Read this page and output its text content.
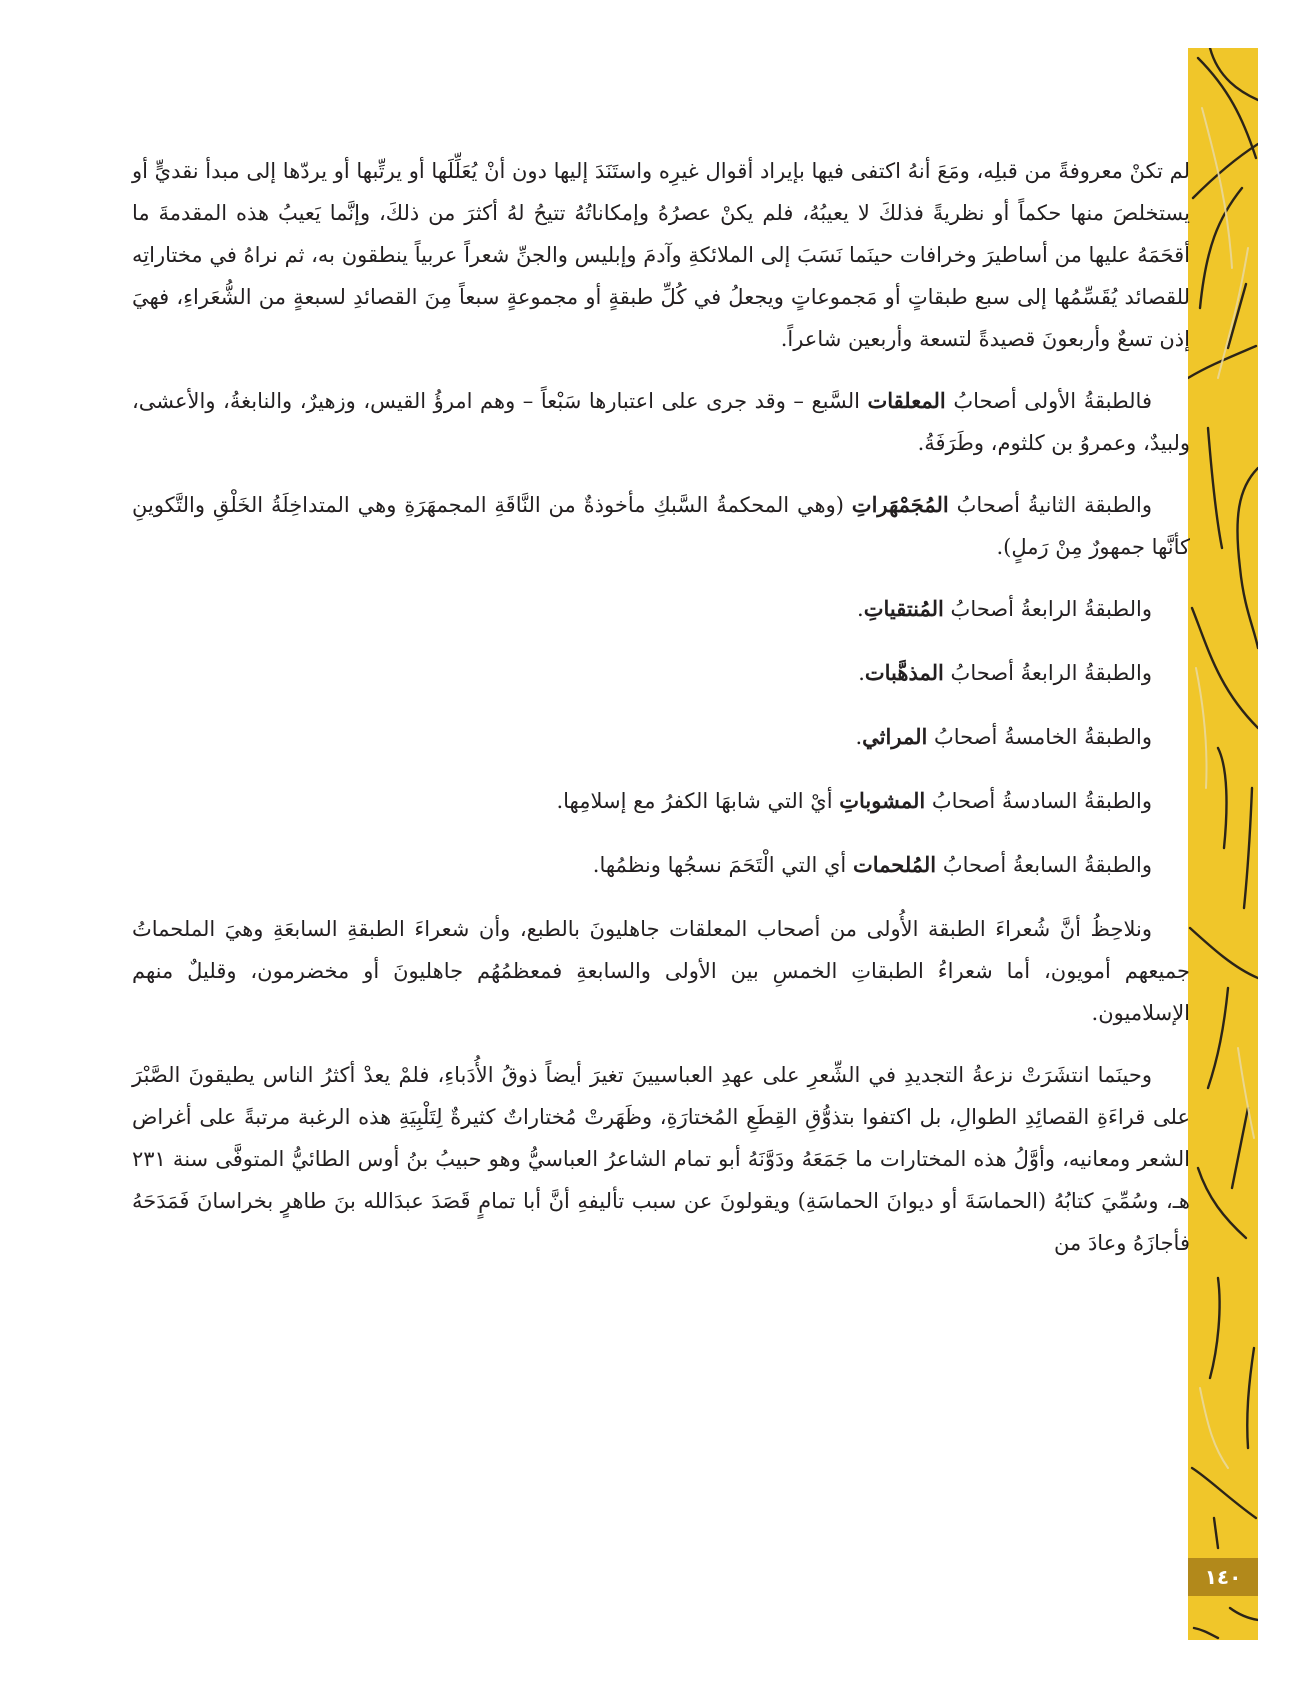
١٤٠

لم تكنْ معروفةً من قبلِه، ومَعَ أنهُ اكتفى فيها بإيراد أقوال غيرِه واستَنَدَ إليها دون أنْ يُعَلِّلَها أو يرتِّبها أو يردّها إلى مبدأ نقديٍّ أو يستخلصَ منها حكماً أو نظريةً فذلكَ لا يعيبُهُ، فلم يكنْ عصرُهُ وإمكاناتُهُ تتيحُ لهُ أكثرَ من ذلكَ، وإنَّما يَعيبُ هذه المقدمةَ ما أقحَمَهُ عليها من أساطيرَ وخرافات حينَما نَسَبَ إلى الملائكةِ وآدمَ وإبليس والجنِّ شعراً عربياً ينطقون به، ثم نراهُ في مختاراتِه للقصائد يُقَسِّمُها إلى سبع طبقاتٍ أو مَجموعاتٍ ويجعلُ في كُلِّ طبقةٍ أو مجموعةٍ سبعاً مِنَ القصائدِ لسبعةٍ من الشُّعَراءِ، فهيَ إذن تسعٌ وأربعونَ قصيدةً لتسعة وأربعين شاعراً.

فالطبقةُ الأولى أصحابُ المعلقات السَّبع – وقد جرى على اعتبارها سَبْعاً – وهم امرؤُ القيس، وزهيرٌ، والنابغةُ، والأعشى، ولبيدٌ، وعمروُ بن كلثوم، وطَرَفَةُ.

والطبقة الثانيةُ أصحابُ المُجَمْهَراتِ (وهي المحكمةُ السَّبكِ مأخوذةٌ من النَّاقَةِ المجمهَرَةِ وهي المتداخِلَةُ الخَلْقِ والتَّكوينِ كأنَّها جمهورٌ مِنْ رَملٍ).

والطبقةُ الرابعةُ أصحابُ المُنتقياتِ.

والطبقةُ الرابعةُ أصحابُ المذهَّبات.

والطبقةُ الخامسةُ أصحابُ المراثي.

والطبقةُ السادسةُ أصحابُ المشوباتِ أيْ التي شابهَا الكفرُ مع إسلامِها.

والطبقةُ السابعةُ أصحابُ المُلحمات أي التي الْتَحَمَ نسجُها ونظمُها.

ونلاحِظُ أنَّ شُعراءَ الطبقة الأُولى من أصحاب المعلقات جاهليونَ بالطبع، وأن شعراءَ الطبقةِ السابعَةِ وهيَ الملحماتُ جميعهم أمويون، أما شعراءُ الطبقاتِ الخمسِ بين الأولى والسابعةِ فمعظمُهُم جاهليونَ أو مخضرمون، وقليلٌ منهم الإسلاميون.

وحينَما انتشَرَتْ نزعةُ التجديدِ في الشِّعرِ على عهدِ العباسيينَ تغيرَ أيضاً ذوقُ الأُدَباءِ، فلمْ يعدْ أكثرُ الناس يطيقونَ الصَّبْرَ على قراءَةِ القصائِدِ الطوالِ، بل اكتفوا بتذوُّقِ القِطَعِ المُختارَةِ، وظَهَرتْ مُختاراتٌ كثيرةٌ لِتَلْبِيَةِ هذه الرغبة مرتبةً على أغراض الشعر ومعانيه، وأوَّلُ هذه المختارات ما جَمَعَهُ ودَوَّنَهُ أبو تمام الشاعرُ العباسيُّ وهو حبيبُ بنُ أوس الطائيُّ المتوفَّى سنة ٢٣١ هـ، وسُمِّيَ كتابُهُ (الحماسَةَ أو ديوانَ الحماسَةِ) ويقولونَ عن سبب تأليفهِ أنَّ أبا تمامٍ قَصَدَ عبدَالله بنَ طاهرٍ بخراسانَ فَمَدَحَهُ فأجازَهُ وعادَ من
